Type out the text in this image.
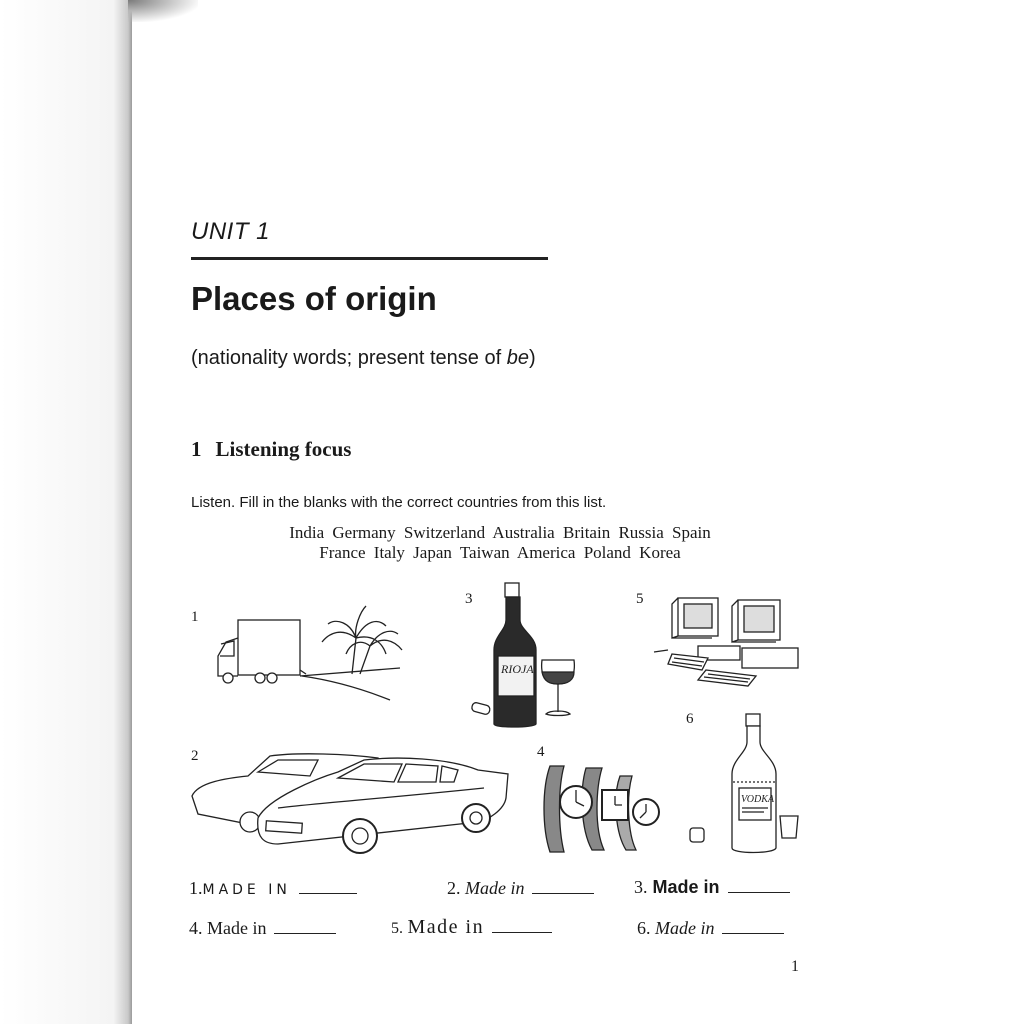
UNIT 1
Places of origin
(nationality words; present tense of be)
1 Listening focus
Listen. Fill in the blanks with the correct countries from this list.
India Germany Switzerland Australia Britain Russia Spain
France Italy Japan Taiwan America Poland Korea
1
2
3
4
5
6
RIOJA
VODKA
1.MADE IN	2. Made in	3. Made in
4. Made in	5. Made in	6. Made in
1
